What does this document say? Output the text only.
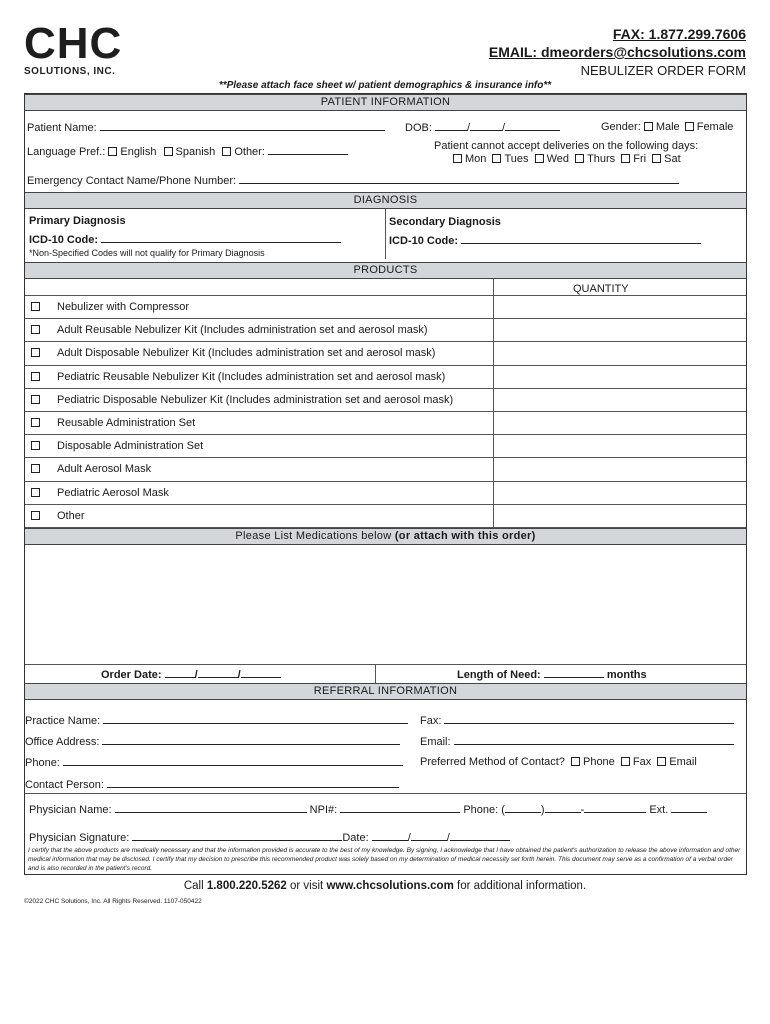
CHC
SOLUTIONS, INC.
FAX: 1.877.299.7606
EMAIL: dmeorders@chcsolutions.com
NEBULIZER ORDER FORM
**Please attach face sheet w/ patient demographics & insurance info**
PATIENT INFORMATION
Patient Name:	DOB:	/	/	Gender: Male Female
Language Pref.: English Spanish Other:	Patient cannot accept deliveries on the following days:
Mon Tues Wed Thurs Fri Sat
Emergency Contact Name/Phone Number:
DIAGNOSIS
Primary Diagnosis
ICD-10 Code:
*Non-Specified Codes will not qualify for Primary Diagnosis
Secondary Diagnosis
ICD-10 Code:
PRODUCTS
QUANTITY
Nebulizer with Compressor
Adult Reusable Nebulizer Kit (Includes administration set and aerosol mask)
Adult Disposable Nebulizer Kit (Includes administration set and aerosol mask)
Pediatric Reusable Nebulizer Kit (Includes administration set and aerosol mask)
Pediatric Disposable Nebulizer Kit (Includes administration set and aerosol mask)
Reusable Administration Set
Disposable Administration Set
Adult Aerosol Mask
Pediatric Aerosol Mask
Other
Please List Medications below (or attach with this order)
Order Date:	/	/	Length of Need:	months
REFERRAL INFORMATION
Practice Name:	Fax:
Office Address:	Email:
Phone:	Preferred Method of Contact? Phone Fax Email
Contact Person:
Physician Name:	NPI#:	Phone: (	)	-	Ext.
Physician Signature:	Date:	/	/
I certify that the above products are medically necessary and that the information provided is accurate to the best of my knowledge. By signing, I acknowledge that I have obtained the patient's authorization to release the above information and other medical information that may be disclosed. I certify that my decision to prescribe this recommended product was solely based on my determination of medical necessity set forth herein. This document may serve as a confirmation of a verbal order and is also recorded in the patient's record.
Call 1.800.220.5262 or visit www.chcsolutions.com for additional information.
©2022 CHC Solutions, Inc. All Rights Reserved. 1107-050422
